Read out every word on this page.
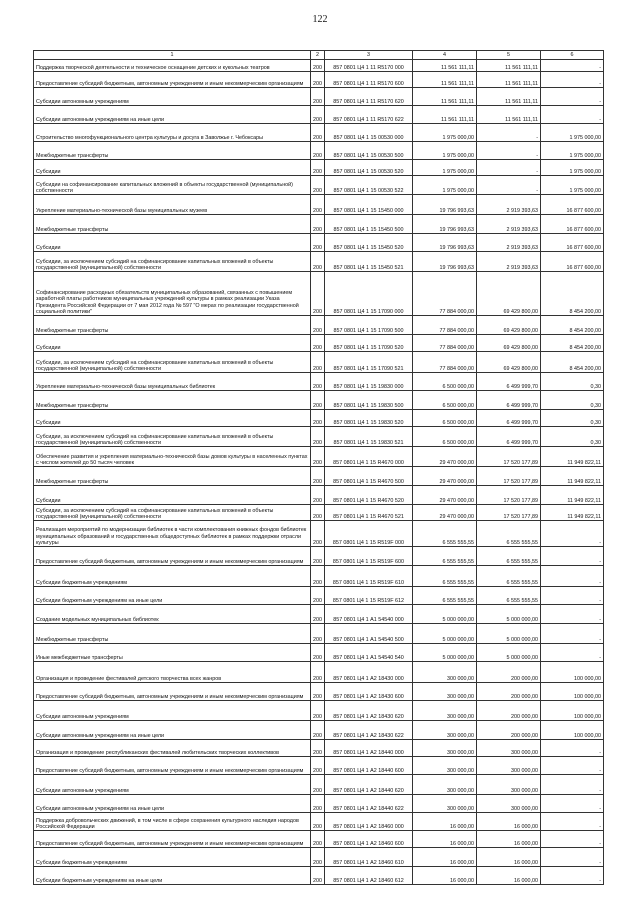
122
1	2	3	4	5	6
Поддержка творческой деятельности и техническое оснащение детских и кукольных театров	200	857 0801 Ц4 1 11 R5170 000	11 561 111,11	11 561 111,11	-
Предоставление субсидий бюджетным, автономным учреждениям и иным некоммерческим организациям	200	857 0801 Ц4 1 11 R5170 600	11 561 111,11	11 561 111,11	-
Субсидии автономным учреждениям	200	857 0801 Ц4 1 11 R5170 620	11 561 111,11	11 561 111,11	-
Субсидии автономным учреждениям на иные цели	200	857 0801 Ц4 1 11 R5170 622	11 561 111,11	11 561 111,11	-
Строительство многофункционального центра культуры и досуга в Заволжье г. Чебоксары	200	857 0801 Ц4 1 15 00530 000	1 975 000,00	-	1 975 000,00
Межбюджетные трансферты	200	857 0801 Ц4 1 15 00530 500	1 975 000,00	-	1 975 000,00
Субсидии	200	857 0801 Ц4 1 15 00530 520	1 975 000,00	-	1 975 000,00
Субсидии на софинансирование капитальных вложений в объекты государственной (муниципальной) собственности	200	857 0801 Ц4 1 15 00530 522	1 975 000,00	-	1 975 000,00
Укрепление материально-технической базы муниципальных музеев	200	857 0801 Ц4 1 15 15450 000	19 796 993,63	2 919 393,63	16 877 600,00
Межбюджетные трансферты	200	857 0801 Ц4 1 15 15450 500	19 796 993,63	2 919 393,63	16 877 600,00
Субсидии	200	857 0801 Ц4 1 15 15450 520	19 796 993,63	2 919 393,63	16 877 600,00
Субсидии, за исключением субсидий на софинансирование капитальных вложений в объекты государственной (муниципальной) собственности	200	857 0801 Ц4 1 15 15450 521	19 796 993,63	2 919 393,63	16 877 600,00
Софинансирование расходных обязательств муниципальных образований, связанных с повышением заработной платы работников муниципальных учреждений культуры в рамках реализации Указа Президента Российской Федерации от 7 мая 2012 года № 597 "О мерах по реализации государственной социальной политики"	200	857 0801 Ц4 1 15 17090 000	77 884 000,00	69 429 800,00	8 454 200,00
Межбюджетные трансферты	200	857 0801 Ц4 1 15 17090 500	77 884 000,00	69 429 800,00	8 454 200,00
Субсидии	200	857 0801 Ц4 1 15 17090 520	77 884 000,00	69 429 800,00	8 454 200,00
Субсидии, за исключением субсидий на софинансирование капитальных вложений в объекты государственной (муниципальной) собственности	200	857 0801 Ц4 1 15 17090 521	77 884 000,00	69 429 800,00	8 454 200,00
Укрепление материально-технической базы муниципальных библиотек	200	857 0801 Ц4 1 15 19830 000	6 500 000,00	6 499 999,70	0,30
Межбюджетные трансферты	200	857 0801 Ц4 1 15 19830 500	6 500 000,00	6 499 999,70	0,30
Субсидии	200	857 0801 Ц4 1 15 19830 520	6 500 000,00	6 499 999,70	0,30
Субсидии, за исключением субсидий на софинансирование капитальных вложений в объекты государственной (муниципальной) собственности	200	857 0801 Ц4 1 15 19830 521	6 500 000,00	6 499 999,70	0,30
Обеспечение развития и укрепления материально-технической базы домов культуры в населенных пунктах с числом жителей до 50 тысяч человек	200	857 0801 Ц4 1 15 R4670 000	29 470 000,00	17 520 177,89	11 949 822,11
Межбюджетные трансферты	200	857 0801 Ц4 1 15 R4670 500	29 470 000,00	17 520 177,89	11 949 822,11
Субсидии	200	857 0801 Ц4 1 15 R4670 520	29 470 000,00	17 520 177,89	11 949 822,11
Субсидии, за исключением субсидий на софинансирование капитальных вложений в объекты государственной (муниципальной) собственности	200	857 0801 Ц4 1 15 R4670 521	29 470 000,00	17 520 177,89	11 949 822,11
Реализация мероприятий по модернизации библиотек в части комплектования книжных фондов библиотек муниципальных образований и государственных общедоступных библиотек в рамках поддержки отрасли культуры	200	857 0801 Ц4 1 15 R519F 000	6 555 555,55	6 555 555,55	-
Предоставление субсидий бюджетным, автономным учреждениям и иным некоммерческим организациям	200	857 0801 Ц4 1 15 R519F 600	6 555 555,55	6 555 555,55	-
Субсидии бюджетным учреждениям	200	857 0801 Ц4 1 15 R519F 610	6 555 555,55	6 555 555,55	-
Субсидии бюджетным учреждениям на иные цели	200	857 0801 Ц4 1 15 R519F 612	6 555 555,55	6 555 555,55	-
Создание модельных муниципальных библиотек	200	857 0801 Ц4 1 A1 54540 000	5 000 000,00	5 000 000,00	-
Межбюджетные трансферты	200	857 0801 Ц4 1 A1 54540 500	5 000 000,00	5 000 000,00	-
Иные межбюджетные трансферты	200	857 0801 Ц4 1 A1 54540 540	5 000 000,00	5 000 000,00	-
Организация и проведение фестивалей детского творчества всех жанров	200	857 0801 Ц4 1 A2 18430 000	300 000,00	200 000,00	100 000,00
Предоставление субсидий бюджетным, автономным учреждениям и иным некоммерческим организациям	200	857 0801 Ц4 1 A2 18430 600	300 000,00	200 000,00	100 000,00
Субсидии автономным учреждениям	200	857 0801 Ц4 1 A2 18430 620	300 000,00	200 000,00	100 000,00
Субсидии автономным учреждениям на иные цели	200	857 0801 Ц4 1 A2 18430 622	300 000,00	200 000,00	100 000,00
Организация и проведение республиканских фестивалей любительских творческих коллективов	200	857 0801 Ц4 1 A2 18440 000	300 000,00	300 000,00	-
Предоставление субсидий бюджетным, автономным учреждениям и иным некоммерческим организациям	200	857 0801 Ц4 1 A2 18440 600	300 000,00	300 000,00	-
Субсидии автономным учреждениям	200	857 0801 Ц4 1 A2 18440 620	300 000,00	300 000,00	-
Субсидии автономным учреждениям на иные цели	200	857 0801 Ц4 1 A2 18440 622	300 000,00	300 000,00	-
Поддержка добровольческих движений, в том числе в сфере сохранения культурного наследия народов Российской Федерации	200	857 0801 Ц4 1 A2 18460 000	16 000,00	16 000,00	-
Предоставление субсидий бюджетным, автономным учреждениям и иным некоммерческим организациям	200	857 0801 Ц4 1 A2 18460 600	16 000,00	16 000,00	-
Субсидии бюджетным учреждениям	200	857 0801 Ц4 1 A2 18460 610	16 000,00	16 000,00	-
Субсидии бюджетным учреждениям на иные цели	200	857 0801 Ц4 1 A2 18460 612	16 000,00	16 000,00	-
